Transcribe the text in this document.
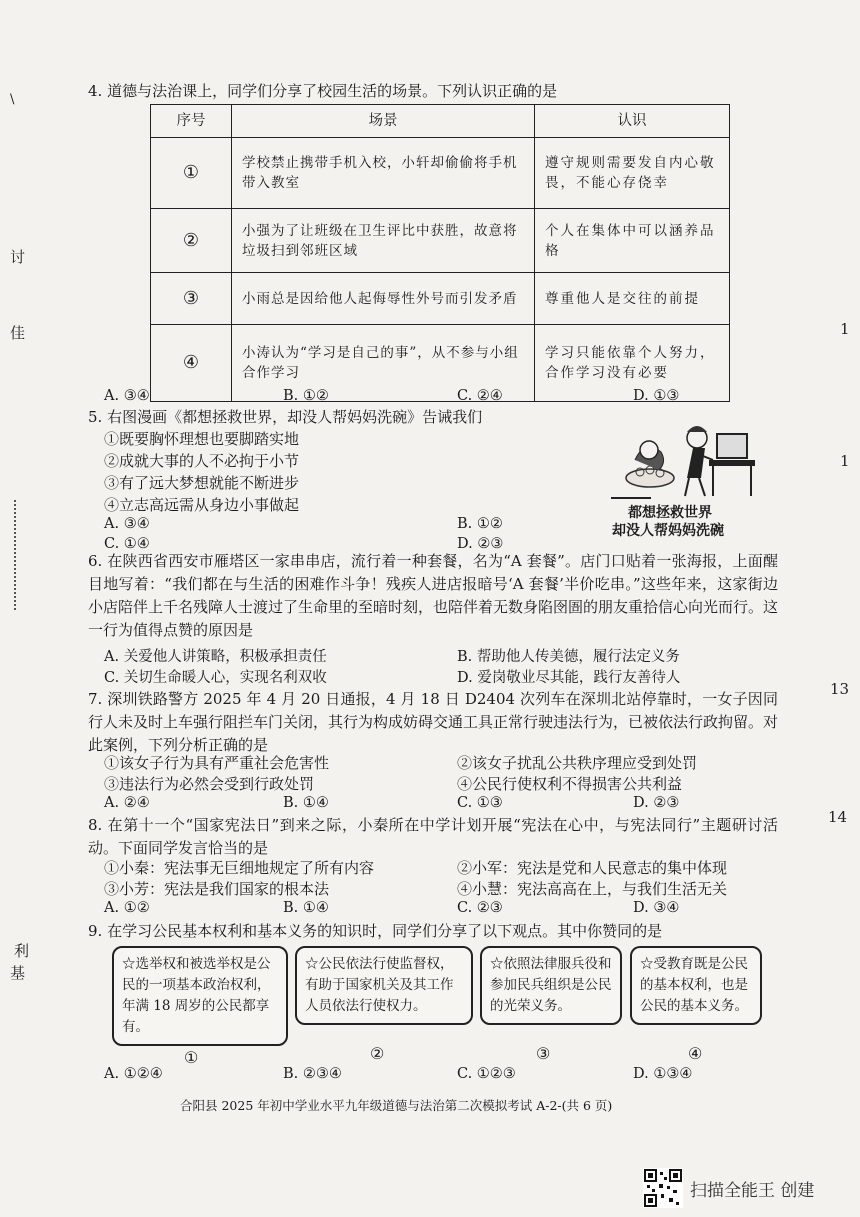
\
讨
佳
利
基
1
1
13
14
4. 道德与法治课上，同学们分享了校园生活的场景。下列认识正确的是
序号	场景	认识
①	学校禁止携带手机入校，小轩却偷偷将手机带入教室	遵守规则需要发自内心敬畏，不能心存侥幸
②	小强为了让班级在卫生评比中获胜，故意将垃圾扫到邻班区域	个人在集体中可以涵养品格
③	小雨总是因给他人起侮辱性外号而引发矛盾	尊重他人是交往的前提
④	小涛认为“学习是自己的事”，从不参与小组合作学习	学习只能依靠个人努力，合作学习没有必要
A. ③④	B. ①②	C. ②④	D. ①③
5. 右图漫画《都想拯救世界，却没人帮妈妈洗碗》告诫我们
①既要胸怀理想也要脚踏实地
②成就大事的人不必拘于小节
③有了远大梦想就能不断进步
④立志高远需从身边小事做起
A. ③④	B. ①②
C. ①④	D. ②③
都想拯救世界
却没人帮妈妈洗碗
6. 在陕西省西安市雁塔区一家串串店，流行着一种套餐，名为“A 套餐”。店门口贴着一张海报，上面醒目地写着：“我们都在与生活的困难作斗争！残疾人进店报暗号‘A 套餐’半价吃串。”这些年来，这家街边小店陪伴上千名残障人士渡过了生命里的至暗时刻，也陪伴着无数身陷囹圄的朋友重拾信心向光而行。这一行为值得点赞的原因是
A. 关爱他人讲策略，积极承担责任	B. 帮助他人传美德，履行法定义务
C. 关切生命暖人心，实现名利双收	D. 爱岗敬业尽其能，践行友善待人
7. 深圳铁路警方 2025 年 4 月 20 日通报，4 月 18 日 D2404 次列车在深圳北站停靠时，一女子因同行人未及时上车强行阻拦车门关闭，其行为构成妨碍交通工具正常行驶违法行为，已被依法行政拘留。对此案例，下列分析正确的是
①该女子行为具有严重社会危害性	②该女子扰乱公共秩序理应受到处罚
③违法行为必然会受到行政处罚	④公民行使权利不得损害公共利益
A. ②④	B. ①④	C. ①③	D. ②③
8. 在第十一个“国家宪法日”到来之际，小秦所在中学计划开展“宪法在心中，与宪法同行”主题研讨活动。下面同学发言恰当的是
①小秦：宪法事无巨细地规定了所有内容	②小军：宪法是党和人民意志的集中体现
③小芳：宪法是我们国家的根本法	④小慧：宪法高高在上，与我们生活无关
A. ①②	B. ①④	C. ②③	D. ③④
9. 在学习公民基本权利和基本义务的知识时，同学们分享了以下观点。其中你赞同的是
☆选举权和被选举权是公民的一项基本政治权利，年满 18 周岁的公民都享有。
☆公民依法行使监督权，有助于国家机关及其工作人员依法行使权力。
☆依照法律服兵役和参加民兵组织是公民的光荣义务。
☆受教育既是公民的基本权利，也是公民的基本义务。
①	②	③	④
A. ①②④	B. ②③④	C. ①②③	D. ①③④
合阳县 2025 年初中学业水平九年级道德与法治第二次模拟考试 A-2-(共 6 页)
扫描全能王 创建
